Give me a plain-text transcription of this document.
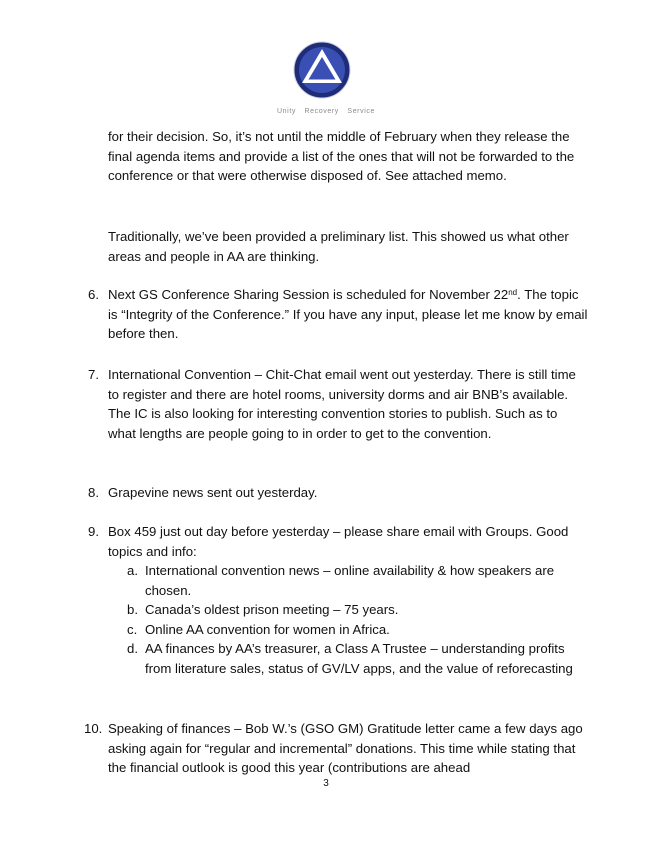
Unity Recovery Service

for their decision. So, it’s not until the middle of February when they release the final agenda items and provide a list of the ones that will not be forwarded to the conference or that were otherwise disposed of. See attached memo.

Traditionally, we’ve been provided a preliminary list. This showed us what other areas and people in AA are thinking.

6. Next GS Conference Sharing Session is scheduled for November 22nd. The topic is “Integrity of the Conference.” If you have any input, please let me know by email before then.

7. International Convention – Chit-Chat email went out yesterday. There is still time to register and there are hotel rooms, university dorms and air BNB’s available. The IC is also looking for interesting convention stories to publish. Such as to what lengths are people going to in order to get to the convention.

8. Grapevine news sent out yesterday.

9. Box 459 just out day before yesterday – please share email with Groups. Good topics and info:

a. International convention news – online availability & how speakers are chosen.

b. Canada’s oldest prison meeting – 75 years.

c. Online AA convention for women in Africa.

d. AA finances by AA’s treasurer, a Class A Trustee – understanding profits from literature sales, status of GV/LV apps, and the value of reforecasting

10. Speaking of finances – Bob W.’s (GSO GM) Gratitude letter came a few days ago asking again for “regular and incremental” donations. This time while stating that the financial outlook is good this year (contributions are ahead

3
